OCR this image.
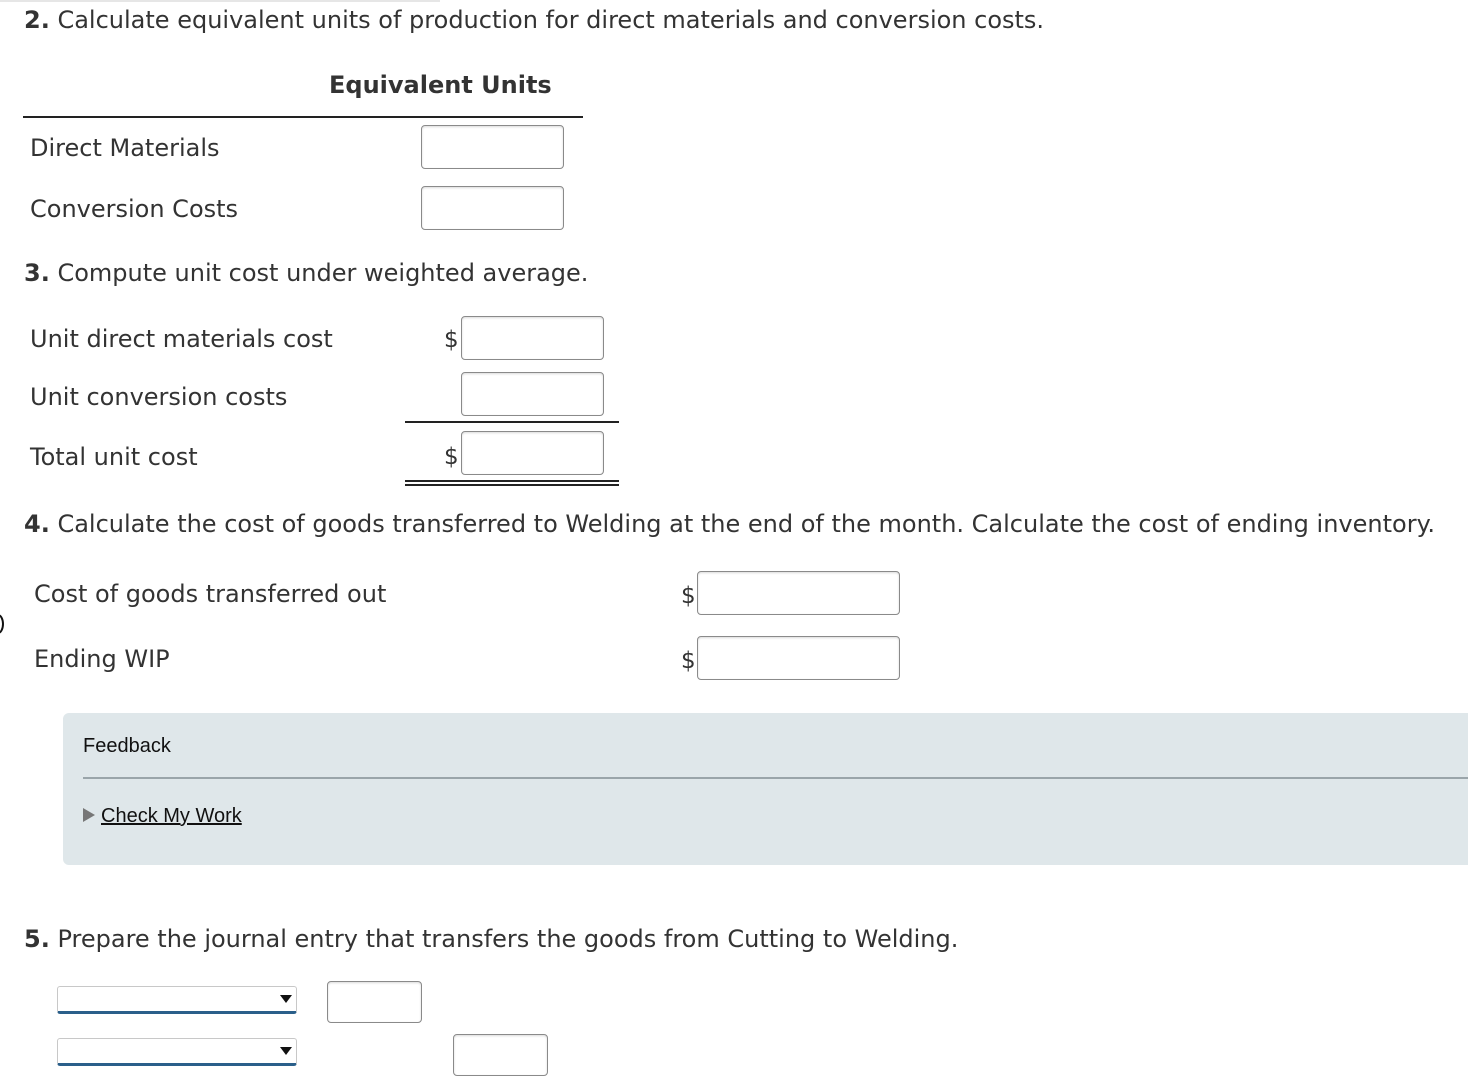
2. Calculate equivalent units of production for direct materials and conversion costs.
Equivalent Units
Direct Materials
Conversion Costs
3. Compute unit cost under weighted average.
Unit direct materials cost	$
Unit conversion costs
Total unit cost	$
4. Calculate the cost of goods transferred to Welding at the end of the month. Calculate the cost of ending inventory.
Cost of goods transferred out	$
Ending WIP	$
Feedback
Check My Work
5. Prepare the journal entry that transfers the goods from Cutting to Welding.
